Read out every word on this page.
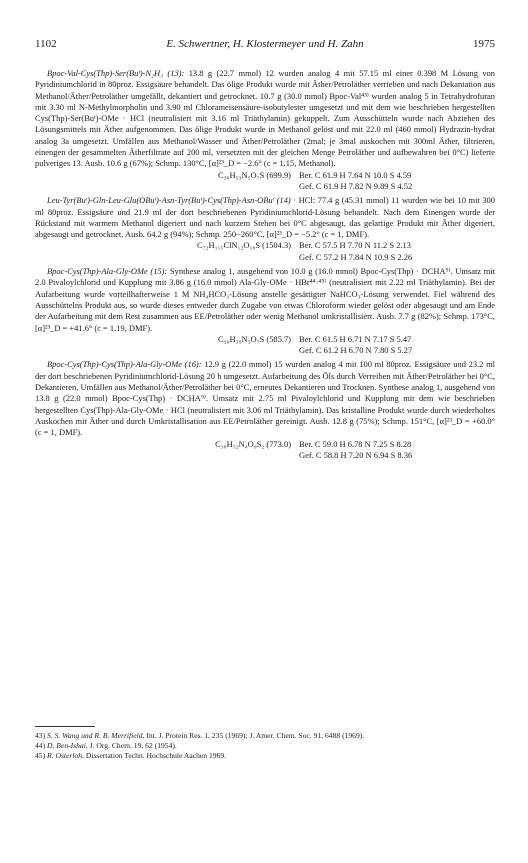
1102	E. Schwertner, H. Klostermeyer und H. Zahn	1975

Bpoc-Val-Cys(Thp)-Ser(Buᵗ)-N₂H₃ (13): 13.8 g (22.7 mmol) 12 wurden analog 4 mit 57.15 ml einer 0.398 M Lösung von Pyridiniumchlorid in 80proz. Essigsäure behandelt. Das ölige Produkt wurde mit Äther/Petroläther verrieben und nach Dekantation aus Methanol/Äther/Petroläther umgefällt, dekantiert und getrocknet. 10.7 g (30.0 mmol) Bpoc-Val⁴³⁾ wurden analog 5 in Tetrahydrofuran mit 3.30 ml N-Methylmorpholin und 3.90 ml Chlorameisensäure-isobutylester umgesetzt und mit dem wie beschrieben hergestellten Cys(Thp)-Ser(Buᵗ)-OMe · HCl (neutralisiert mit 3.16 ml Triäthylamin) gekuppelt. Zum Ausschütteln wurde nach Abziehen des Lösungsmittels mit Äther aufgenommen. Das ölige Produkt wurde in Methanol gelöst und mit 22.0 ml (460 mmol) Hydrazin-hydrat analog 3a umgesetzt. Umfällen aus Methanol/Wasser und Äther/Petroläther (2mal; je 3mal auskochen mit 300ml Äther, filtrieren, einengen der gesammelten Ätherfiltrate auf 200 ml, versetzten mit der gleichen Menge Petroläther und aufbewahren bei 0°C) lieferte pulveriges 13. Ausb. 10.6 g (67%); Schmp. 130°C, [α]²³_D = −2.6° (c = 1.15, Methanol).

C₃₆H₅₃N₅O₇S (699.9) Ber. C 61.9 H 7.64 N 10.0 S 4.59
Gef. C 61.9 H 7.82 N 9.89 S 4.52

Leu-Tyr(Buᵗ)-Gln-Leu-Glu(OBuᵗ)-Asn-Tyr(Buᵗ)-Cys(Thp)-Asn-OBuᵗ (14) · HCl: 77.4 g (45.31 mmol) 11 wurden wie bei 10 mit 300 ml 80proz. Essigsäure und 21.9 ml der dort beschriebenen Pyridiniumchlorid-Lösung behandelt. Nach dem Einengen wurde der Rückstand mit warmem Methanol digeriert und nach kurzem Stehen bei 0°C abgesaugt, das gelartige Produkt mit Äther digeriert, abgesaugt und getrocknet. Ausb. 64.2 g (94%); Schmp. 250−260°C, [α]²³_D = −5.2° (c = 1, DMF).

C₇₂H₁₁₅ClN₁₂O₁₈S (1504.3) Ber. C 57.5 H 7.70 N 11.2 S 2.13
Gef. C 57.2 H 7.84 N 10.9 S 2.26

Bpoc-Cys(Thp)-Ala-Gly-OMe (15): Synthese analog 1, ausgehend von 10.0 g (16.0 mmol) Bpoc-Cys(Thp) · DCHA⁹⁾. Umsatz mit 2.0 Pivaloylchlorid und Kupplung mit 3.86 g (16.0 mmol) Ala-Gly-OMe · HBr⁴⁴·⁴⁵⁾ (neutralisiert mit 2.22 ml Triäthylamin). Bei der Aufarbeitung wurde vorteilhafterweise 1 M NH₄HCO₃-Lösung anstelle gesättigter NaHCO₃-Lösung verwendet. Fiel während des Ausschüttelns Produkt aus, so wurde dieses entweder durch Zugabe von etwas Chloroform wieder gelöst oder abgesaugt und am Ende der Aufarbeitung mit dem Rest zusammen aus EE/Petroläther oder wenig Methanol umkristallisiert. Ausb. 7.7 g (82%); Schmp. 173°C, [α]²³_D = +41.6° (c = 1.19, DMF).

C₃₀H₃₉N₃O₇S (585.7) Ber. C 61.5 H 6.71 N 7.17 S 5.47
Gef. C 61.2 H 6.70 N 7.80 S 5.27

Bpoc-Cys(Thp)-Cys(Thp)-Ala-Gly-OMe (16): 12.9 g (22.0 mmol) 15 wurden analog 4 mit 100 ml 80proz. Essigsäure und 23.2 ml der dort beschriebenen Pyridiniumchlorid-Lösung 20 h umgesetzt. Aufarbeitung des Öls durch Verreiben mit Äther/Petroläther bei 0°C, Dekantieren, Umfällen aus Methanol/Äther/Petroläther bei 0°C, erneutes Dekantieren und Trocknen. Synthese analog 1, ausgehend von 13.8 g (22.0 mmol) Bpoc-Cys(Thp) · DCHA⁹⁾. Umsatz mit 2.75 ml Pivaloylchlorid und Kupplung mit dem wie beschrieben hergestellten Cys(Thp)-Ala-Gly-OMe · HCl (neutralisiert mit 3.06 ml Triäthylamin). Das kristalline Produkt wurde durch wiederholtes Auskochen mit Äther und durch Umkristallisation aus EE/Petroläther gereinigt. Ausb. 12.8 g (75%); Schmp. 151°C, [α]²³_D = +60.0° (c = 1, DMF).

C₃₈H₅₂N₄O₉S₂ (773.0) Ber. C 59.0 H 6.78 N 7.25 S 8.28
Gef. C 58.8 H 7.20 N 6.94 S 8.36

43) S. S. Wang und R. B. Merrifield, Int. J. Protein Res. 1, 235 (1969); J. Amer. Chem. Soc. 91, 6488 (1969).

44) D. Ben-Ishai, J. Org. Chem. 19, 62 (1954).

45) R. Osterloh, Dissertation Techn. Hochschule Aachen 1969.
